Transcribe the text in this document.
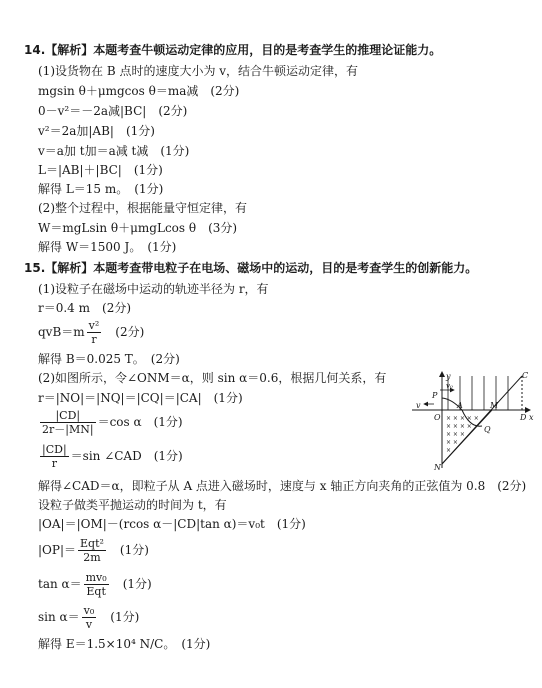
14.【解析】本题考查牛顿运动定律的应用，目的是考查学生的推理论证能力。
(1)设货物在 B 点时的速度大小为 v，结合牛顿运动定律，有
mgsin θ＋μmgcos θ＝ma减　(2分)
0－v²＝－2a减|BC|　(2分)
v²＝2a加|AB|　(1分)
v＝a加 t加＝a减 t减　(1分)
L＝|AB|＋|BC|　(1分)
解得 L＝15 m。　(1分)
(2)整个过程中，根据能量守恒定律，有
W＝mgLsin θ＋μmgLcos θ　(3分)
解得 W＝1500 J。　(1分)
15.【解析】本题考查带电粒子在电场、磁场中的运动，目的是考查学生的创新能力。
(1)设粒子在磁场中运动的轨迹半径为 r，有
r＝0.4 m　(2分)
$qvB=m \frac{\text{v²}}{r}$ 　(2分)
解得 B＝0.025 T。　(2分)
(2)如图所示，令∠ONM＝α，则 sin α＝0.6，根据几何关系，有
r＝|NO|＝|NQ|＝|CQ|＝|CA|　(1分)
$\frac{|CD|}{2r-|MN|} =\cos$ α　(1分)
$\frac{|CD|}{r} =\sin$ ∠CAD　(1分)
解得∠CAD＝α，即粒子从 A 点进入磁场时，速度与 x 轴正方向夹角的正弦值为 0.8　(2分)
设粒子做类平抛运动的时间为 t，有
|OA|＝|OM|－(rcos α－|CD|tan α)＝v₀t　(1分)
$|OP|= \frac{\text{Eqt²}}{2m}$ 　(1分)
$\tan \alpha= \frac{\text{mv₀}}{\text{Eqt}}$ 　(1分)
$\sin \alpha= \frac{\text{v₀}}{v}$ 　(1分)
解得 E＝1.5×10⁴ N/C。　(1分)
× × × × ×
× × × ×
× × ×
× ×
×
y
x
C
v₀
P
v	A
O
M
D
Q
N
